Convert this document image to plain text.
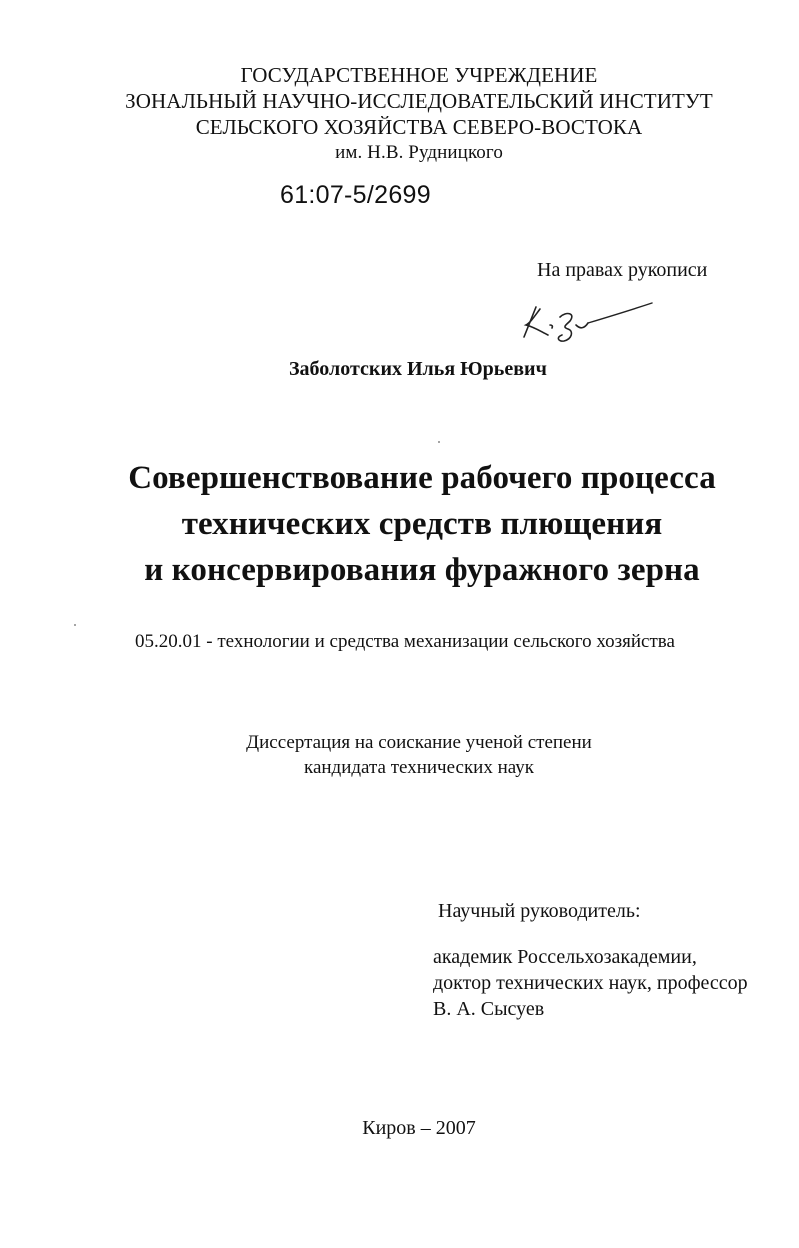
ГОСУДАРСТВЕННОЕ УЧРЕЖДЕНИЕ
ЗОНАЛЬНЫЙ НАУЧНО-ИССЛЕДОВАТЕЛЬСКИЙ ИНСТИТУТ
СЕЛЬСКОГО ХОЗЯЙСТВА СЕВЕРО-ВОСТОКА
им. Н.В. Рудницкого
61:07-5/2699
На правах рукописи
Заболотских Илья Юрьевич
Совершенствование рабочего процесса
технических средств плющения
и консервирования фуражного зерна
05.20.01 - технологии и средства механизации сельского хозяйства
Диссертация на соискание ученой степени
кандидата технических наук
Научный руководитель:
академик Россельхозакадемии,
доктор технических наук, профессор
В. А. Сысуев
Киров – 2007
